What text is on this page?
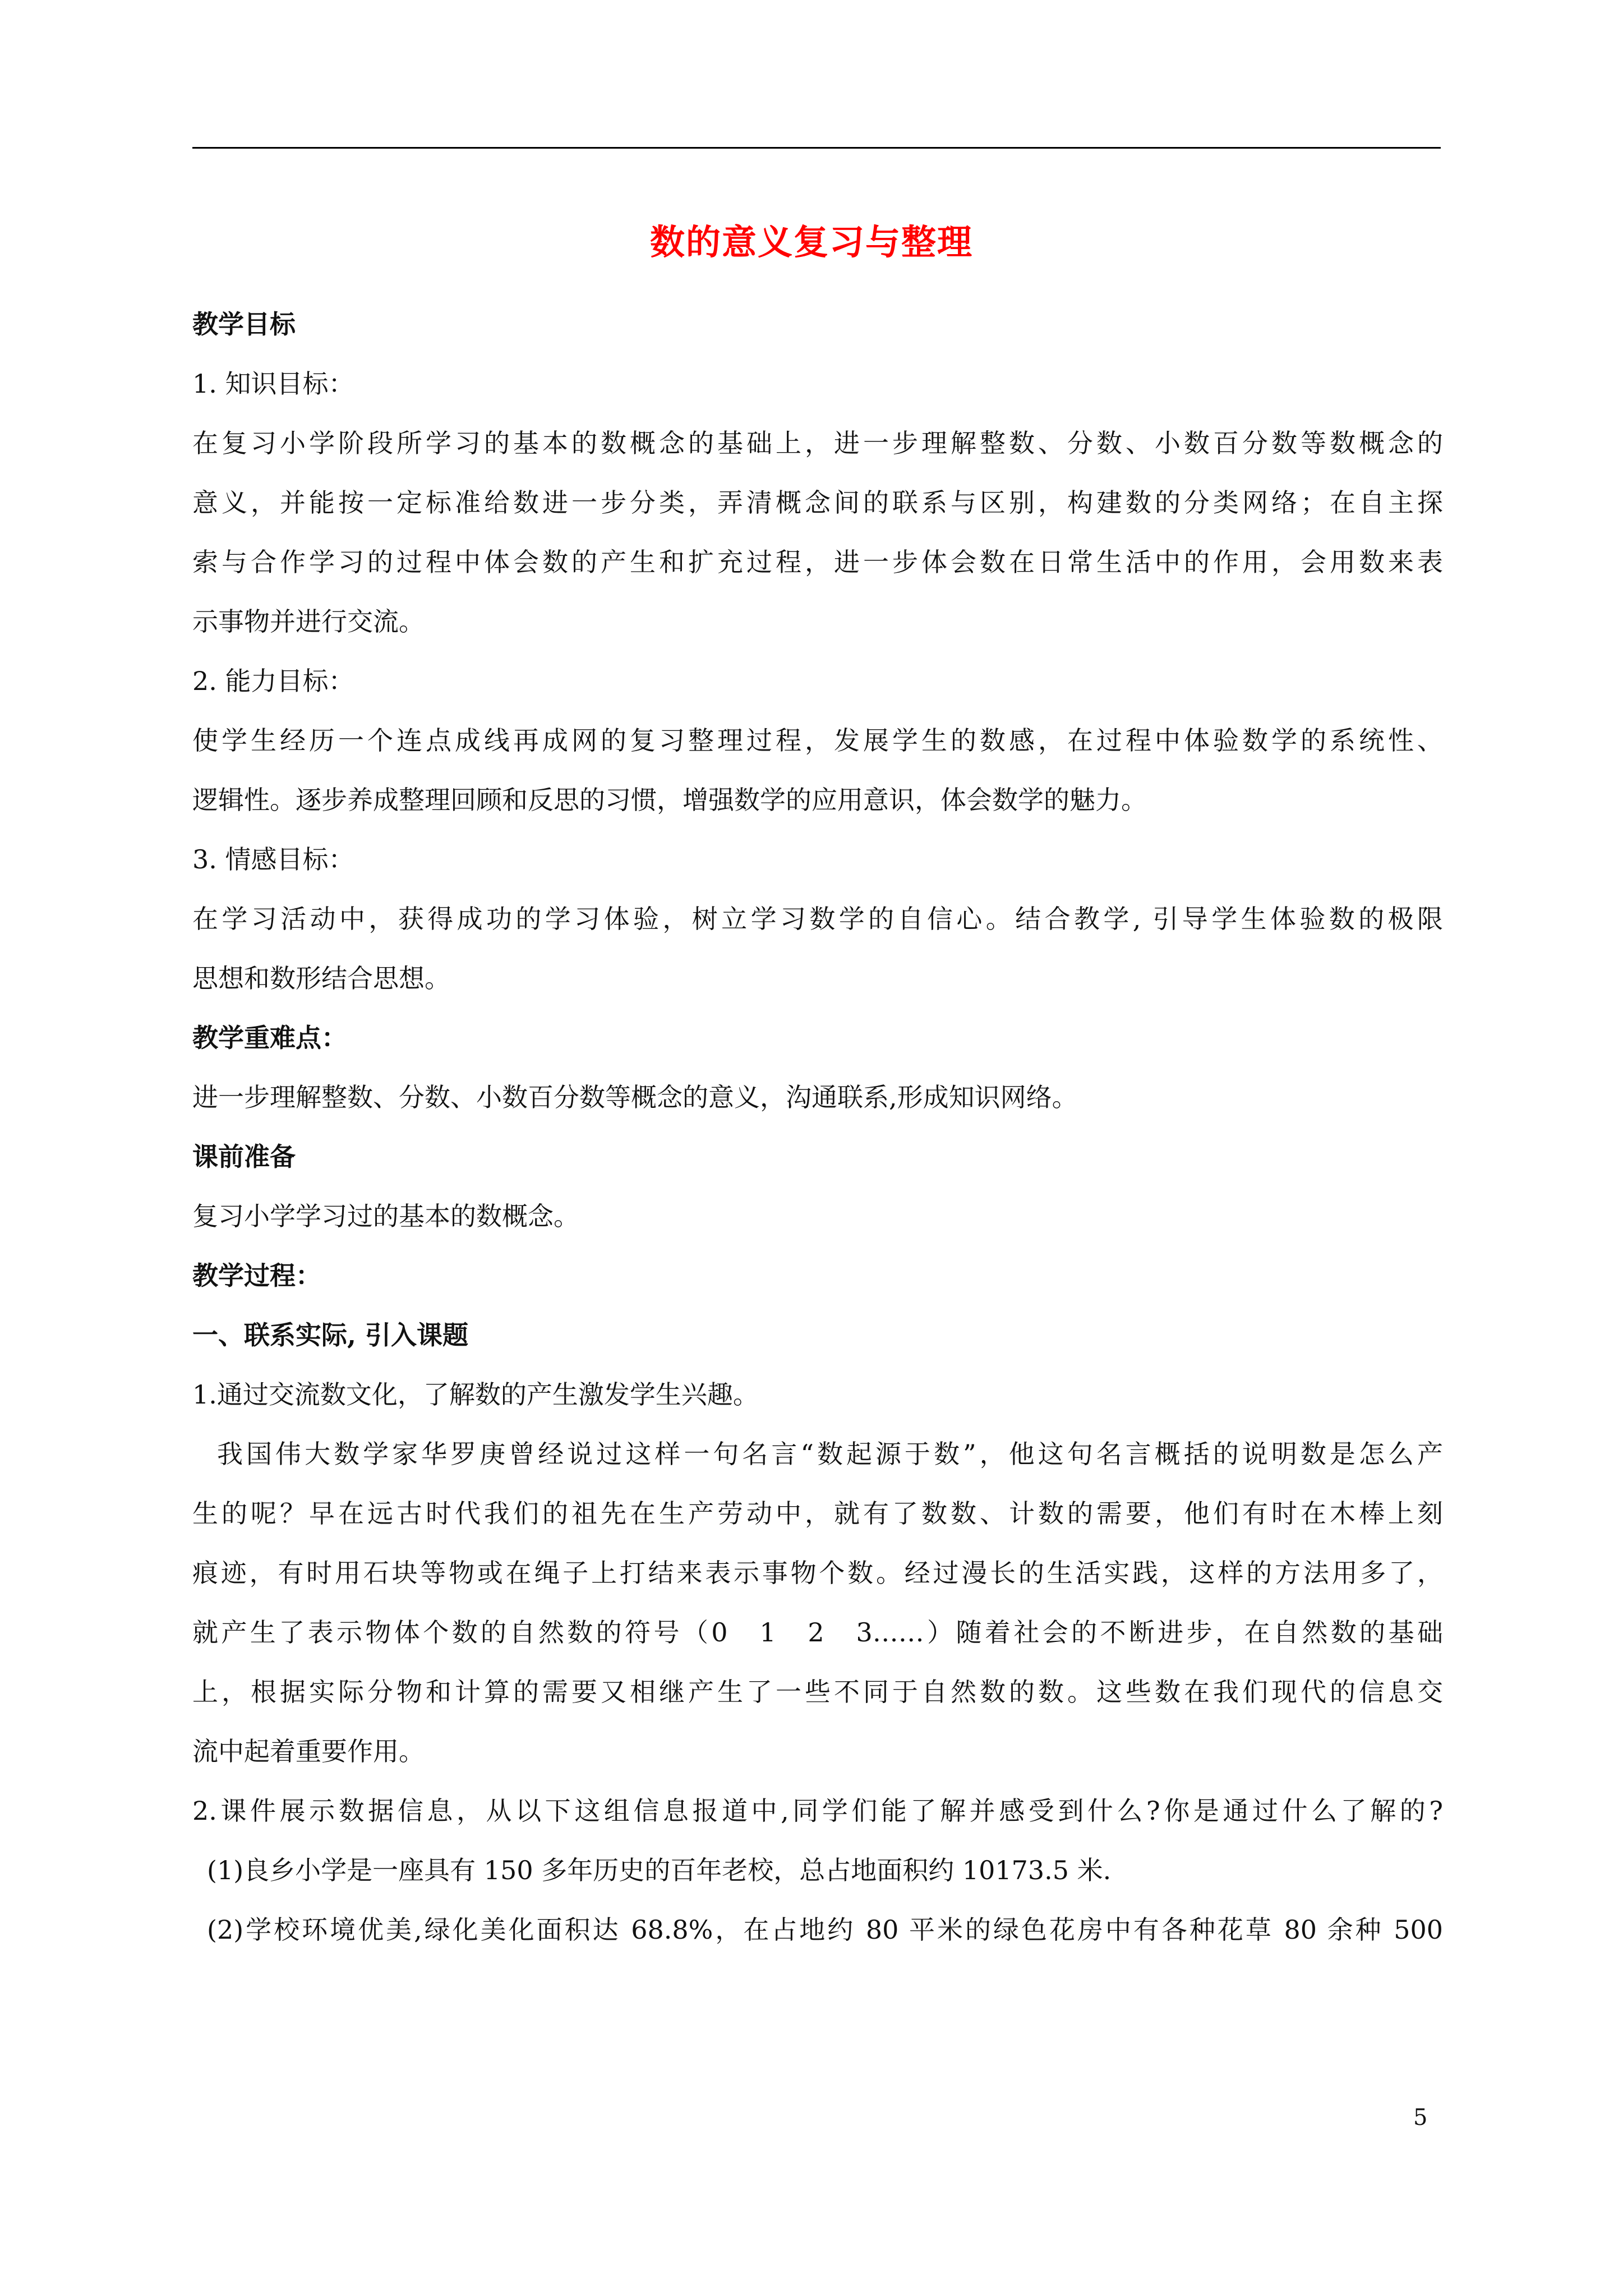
数的意义复习与整理
教学目标
1. 知识目标：
在复习小学阶段所学习的基本的数概念的基础上，进一步理解整数、分数、小数百分数等数概念的
意义，并能按一定标准给数进一步分类，弄清概念间的联系与区别，构建数的分类网络；在自主探
索与合作学习的过程中体会数的产生和扩充过程，进一步体会数在日常生活中的作用，会用数来表
示事物并进行交流。
2. 能力目标：
使学生经历一个连点成线再成网的复习整理过程，发展学生的数感，在过程中体验数学的系统性、
逻辑性。逐步养成整理回顾和反思的习惯，增强数学的应用意识，体会数学的魅力。
3. 情感目标：
在学习活动中，获得成功的学习体验，树立学习数学的自信心。结合教学, 引导学生体验数的极限
思想和数形结合思想。
教学重难点：
进一步理解整数、分数、小数百分数等概念的意义，沟通联系,形成知识网络。
课前准备
复习小学学习过的基本的数概念。
教学过程：
一、联系实际, 引入课题
1.通过交流数文化，了解数的产生激发学生兴趣。
我国伟大数学家华罗庚曾经说过这样一句名言“数起源于数”，他这句名言概括的说明数是怎么产
生的呢？早在远古时代我们的祖先在生产劳动中，就有了数数、计数的需要，他们有时在木棒上刻
痕迹，有时用石块等物或在绳子上打结来表示事物个数。经过漫长的生活实践，这样的方法用多了，
就产生了表示物体个数的自然数的符号（0　1　2　3……）随着社会的不断进步，在自然数的基础
上，根据实际分物和计算的需要又相继产生了一些不同于自然数的数。这些数在我们现代的信息交
流中起着重要作用。
2.课件展示数据信息，从以下这组信息报道中,同学们能了解并感受到什么?你是通过什么了解的?
(1)良乡小学是一座具有 150 多年历史的百年老校，总占地面积约 10173.5 米.
(2)学校环境优美,绿化美化面积达 68.8%，在占地约 80 平米的绿色花房中有各种花草 80 余种 500
5
